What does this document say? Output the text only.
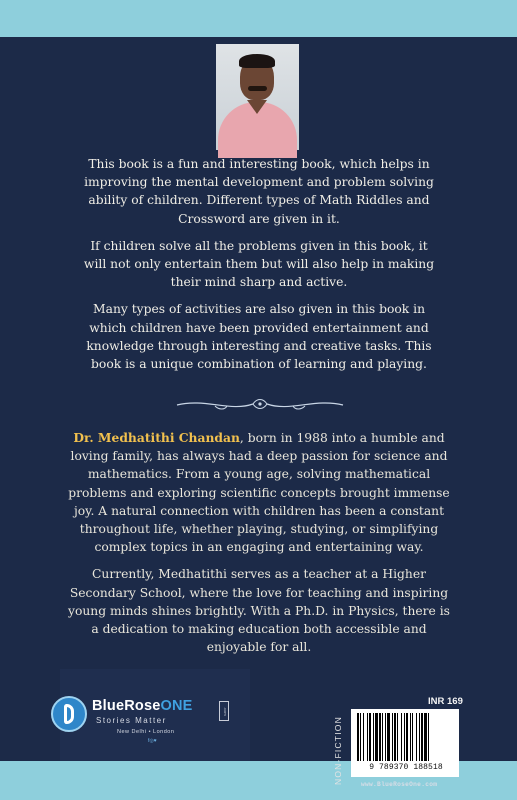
This book is a fun and interesting book, which helps in improving the mental development and problem solving ability of children. Different types of Math Riddles and Crossword are given in it.

If children solve all the problems given in this book, it will not only entertain them but will also help in making their mind sharp and active.

Many types of activities are also given in this book in which children have been provided entertainment and knowledge through interesting and creative tasks. This book is a unique combination of learning and playing.

Dr. Medhatithi Chandan, born in 1988 into a humble and loving family, has always had a deep passion for science and mathematics. From a young age, solving mathematical problems and exploring scientific concepts brought immense joy. A natural connection with children has been a constant throughout life, whether playing, studying, or simplifying complex topics in an engaging and entertaining way.

Currently, Medhatithi serves as a teacher at a Higher Secondary School, where the love for teaching and inspiring young minds shines brightly. With a Ph.D. in Physics, there is a dedication to making education both accessible and enjoyable for all.

BlueRoseONE
Stories Matter
.com
New Delhi • London
f◎♥
INR 169
NON-FICTION	9 789370 188518
www.BlueRoseOne.com
